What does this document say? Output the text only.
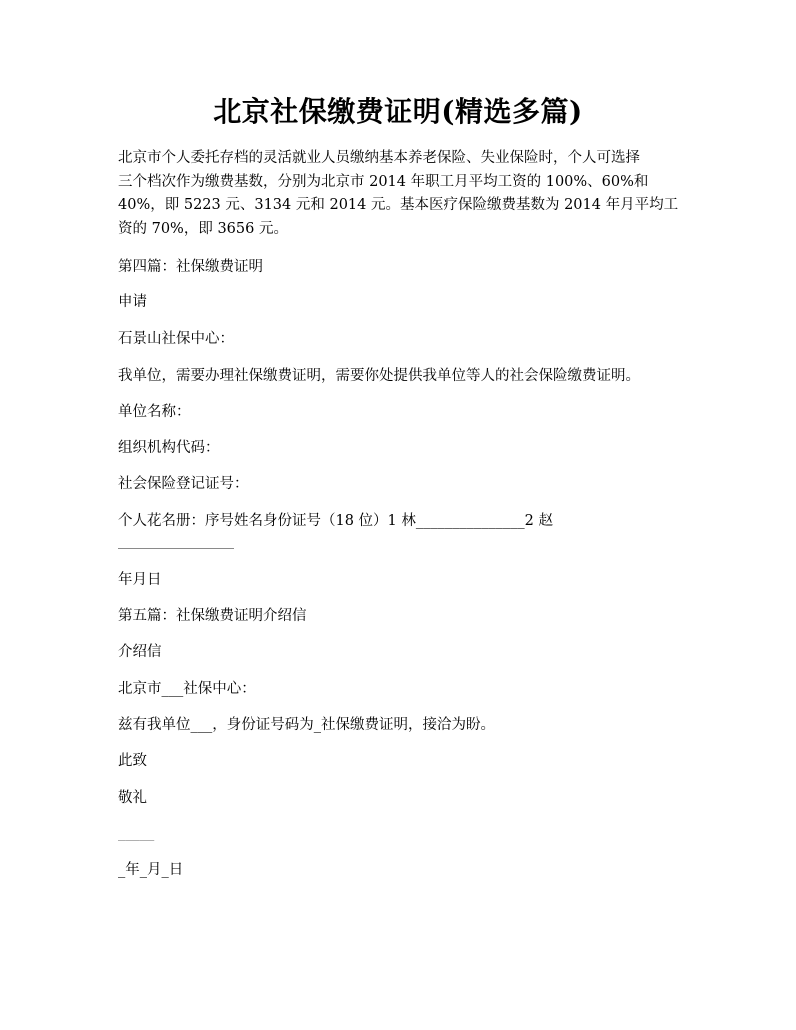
北京社保缴费证明(精选多篇)

北京市个人委托存档的灵活就业人员缴纳基本养老保险、失业保险时，个人可选择
三个档次作为缴费基数，分别为北京市 2014 年职工月平均工资的 100%、60%和
40%，即 5223 元、3134 元和 2014 元。基本医疗保险缴费基数为 2014 年月平均工
资的 70%，即 3656 元。

第四篇：社保缴费证明

申请

石景山社保中心：

我单位，需要办理社保缴费证明，需要你处提供我单位等人的社会保险缴费证明。

单位名称：

组织机构代码：

社会保险登记证号：

个人花名册：序号姓名身份证号（18 位）1 林_______________2 赵

年月日

第五篇：社保缴费证明介绍信

介绍信

北京市___社保中心：

兹有我单位___，身份证号码为_社保缴费证明，接洽为盼。

此致

敬礼

_____

_年_月_日
